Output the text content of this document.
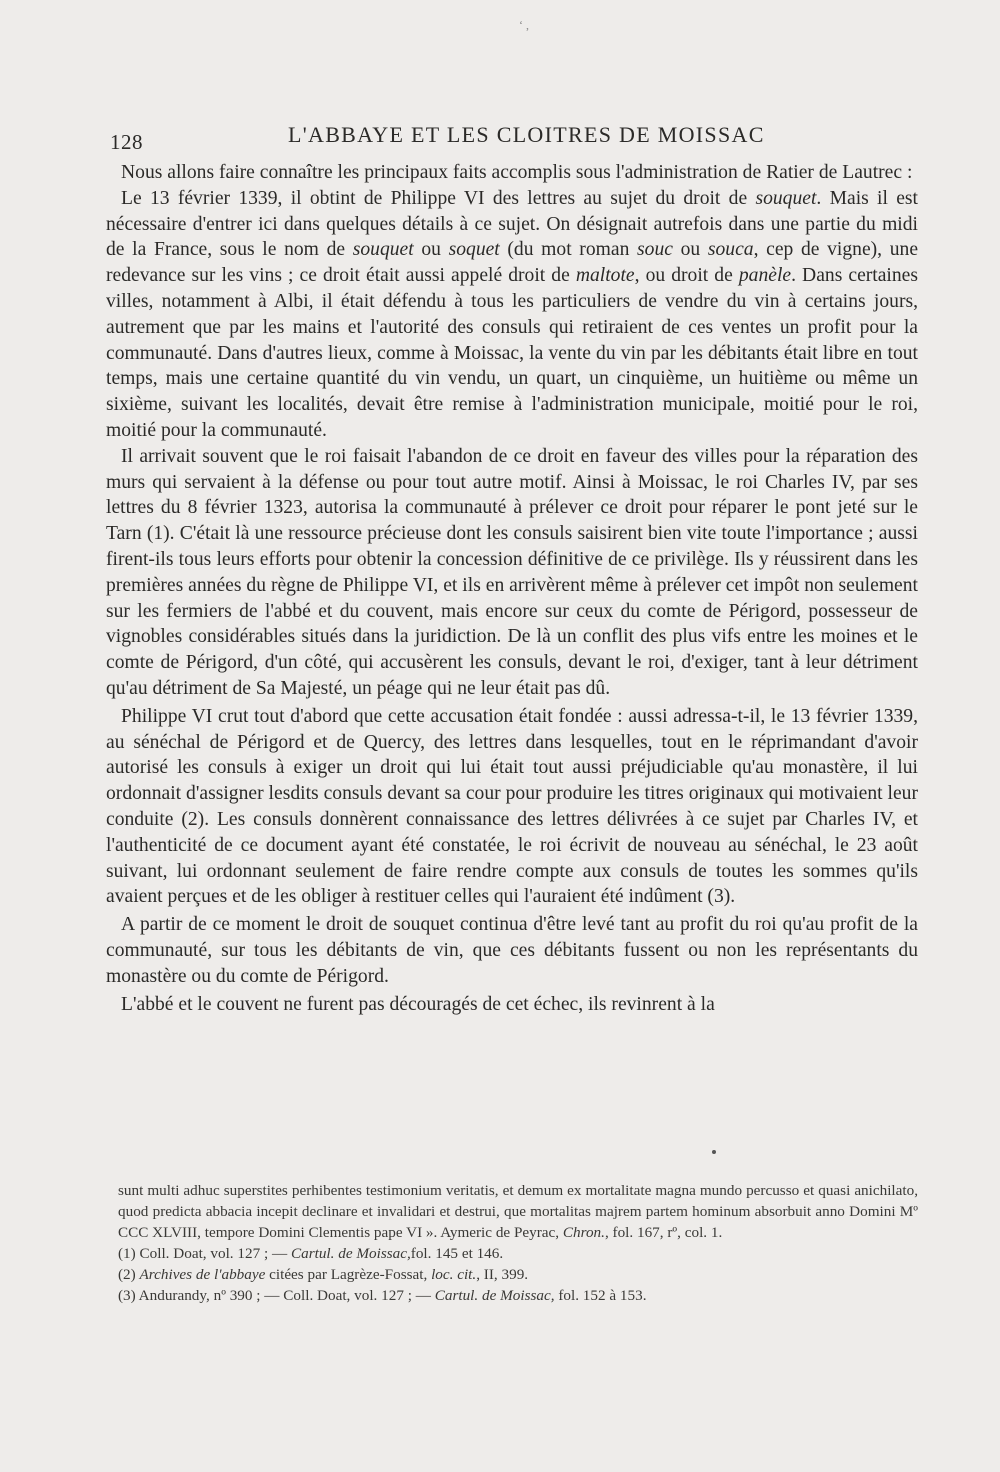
‘ ,
128	L'ABBAYE ET LES CLOITRES DE MOISSAC

Nous allons faire connaître les principaux faits accomplis sous l'administration de Ratier de Lautrec :

Le 13 février 1339, il obtint de Philippe VI des lettres au sujet du droit de souquet. Mais il est nécessaire d'entrer ici dans quelques détails à ce sujet. On désignait autrefois dans une partie du midi de la France, sous le nom de souquet ou soquet (du mot roman souc ou souca, cep de vigne), une redevance sur les vins ; ce droit était aussi appelé droit de maltote, ou droit de panèle. Dans certaines villes, notamment à Albi, il était défendu à tous les particuliers de vendre du vin à certains jours, autrement que par les mains et l'autorité des consuls qui retiraient de ces ventes un profit pour la communauté. Dans d'autres lieux, comme à Moissac, la vente du vin par les débitants était libre en tout temps, mais une certaine quantité du vin vendu, un quart, un cinquième, un huitième ou même un sixième, suivant les localités, devait être remise à l'administration municipale, moitié pour le roi, moitié pour la communauté.

Il arrivait souvent que le roi faisait l'abandon de ce droit en faveur des villes pour la réparation des murs qui servaient à la défense ou pour tout autre motif. Ainsi à Moissac, le roi Charles IV, par ses lettres du 8 février 1323, autorisa la communauté à prélever ce droit pour réparer le pont jeté sur le Tarn (1). C'était là une ressource précieuse dont les consuls saisirent bien vite toute l'importance ; aussi firent-ils tous leurs efforts pour obtenir la concession définitive de ce privilège. Ils y réussirent dans les premières années du règne de Philippe VI, et ils en arrivèrent même à prélever cet impôt non seulement sur les fermiers de l'abbé et du couvent, mais encore sur ceux du comte de Périgord, possesseur de vignobles considérables situés dans la juridiction. De là un conflit des plus vifs entre les moines et le comte de Périgord, d'un côté, qui accusèrent les consuls, devant le roi, d'exiger, tant à leur détriment qu'au détriment de Sa Majesté, un péage qui ne leur était pas dû.

Philippe VI crut tout d'abord que cette accusation était fondée : aussi adressa-t-il, le 13 février 1339, au sénéchal de Périgord et de Quercy, des lettres dans lesquelles, tout en le réprimandant d'avoir autorisé les consuls à exiger un droit qui lui était tout aussi préjudiciable qu'au monastère, il lui ordonnait d'assigner lesdits consuls devant sa cour pour produire les titres originaux qui motivaient leur conduite (2). Les consuls donnèrent connaissance des lettres délivrées à ce sujet par Charles IV, et l'authenticité de ce document ayant été constatée, le roi écrivit de nouveau au sénéchal, le 23 août suivant, lui ordonnant seulement de faire rendre compte aux consuls de toutes les sommes qu'ils avaient perçues et de les obliger à restituer celles qui l'auraient été indûment (3).

A partir de ce moment le droit de souquet continua d'être levé tant au profit du roi qu'au profit de la communauté, sur tous les débitants de vin, que ces débitants fussent ou non les représentants du monastère ou du comte de Périgord.

L'abbé et le couvent ne furent pas découragés de cet échec, ils revinrent à la

sunt multi adhuc superstites perhibentes testimonium veritatis, et demum ex mortalitate magna mundo percusso et quasi anichilato, quod predicta abbacia incepit declinare et invalidari et destrui, que mortalitas majrem partem hominum absorbuit anno Domini Mº CCC XLVIII, tempore Domini Clementis pape VI ». Aymeric de Peyrac, Chron., fol. 167, rº, col. 1.

(1) Coll. Doat, vol. 127 ; — Cartul. de Moissac,fol. 145 et 146.

(2) Archives de l'abbaye citées par Lagrèze-Fossat, loc. cit., II, 399.

(3) Andurandy, nº 390 ; — Coll. Doat, vol. 127 ; — Cartul. de Moissac, fol. 152 à 153.
